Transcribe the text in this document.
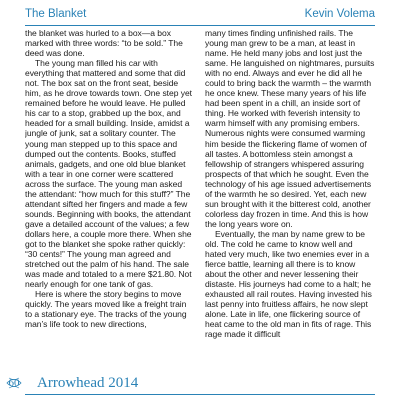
The Blanket	Kevin Volema

the blanket was hurled to a box—a box marked with three words: “to be sold.” The deed was done.

The young man filled his car with everything that mattered and some that did not. The box sat on the front seat, beside him, as he drove towards town. One step yet remained before he would leave. He pulled his car to a stop, grabbed up the box, and headed for a small building. Inside, amidst a jungle of junk, sat a solitary counter. The young man stepped up to this space and dumped out the contents. Books, stuffed animals, gadgets, and one old blue blanket with a tear in one corner were scattered across the surface. The young man asked the attendant: “how much for this stuff?” The attendant sifted her fingers and made a few sounds. Beginning with books, the attendant gave a detailed account of the values; a few dollars here, a couple more there. When she got to the blanket she spoke rather quickly: “30 cents!” The young man agreed and stretched out the palm of his hand. The sale was made and totaled to a mere $21.80. Not nearly enough for one tank of gas.

Here is where the story begins to move quickly. The years moved like a freight train to a stationary eye. The tracks of the young man’s life took to new directions,

many times finding unfinished rails. The young man grew to be a man, at least in name. He held many jobs and lost just the same. He languished on nightmares, pursuits with no end. Always and ever he did all he could to bring back the warmth – the warmth he once knew. These many years of his life had been spent in a chill, an inside sort of thing. He worked with feverish intensity to warm himself with any promising embers. Numerous nights were consumed warming him beside the flickering flame of women of all tastes. A bottomless stein amongst a fellowship of strangers whispered assuring prospects of that which he sought. Even the technology of his age issued advertisements of the warmth he so desired. Yet, each new sun brought with it the bitterest cold, another colorless day frozen in time. And this is how the long years wore on.

Eventually, the man by name grew to be old. The cold he came to know well and hated very much, like two enemies ever in a fierce battle, learning all there is to know about the other and never lessening their distaste. His journeys had come to a halt; he exhausted all rail routes. Having invested his last penny into fruitless affairs, he now slept alone. Late in life, one flickering source of heat came to the old man in fits of rage. This rage made it difficult

60	Arrowhead 2014
